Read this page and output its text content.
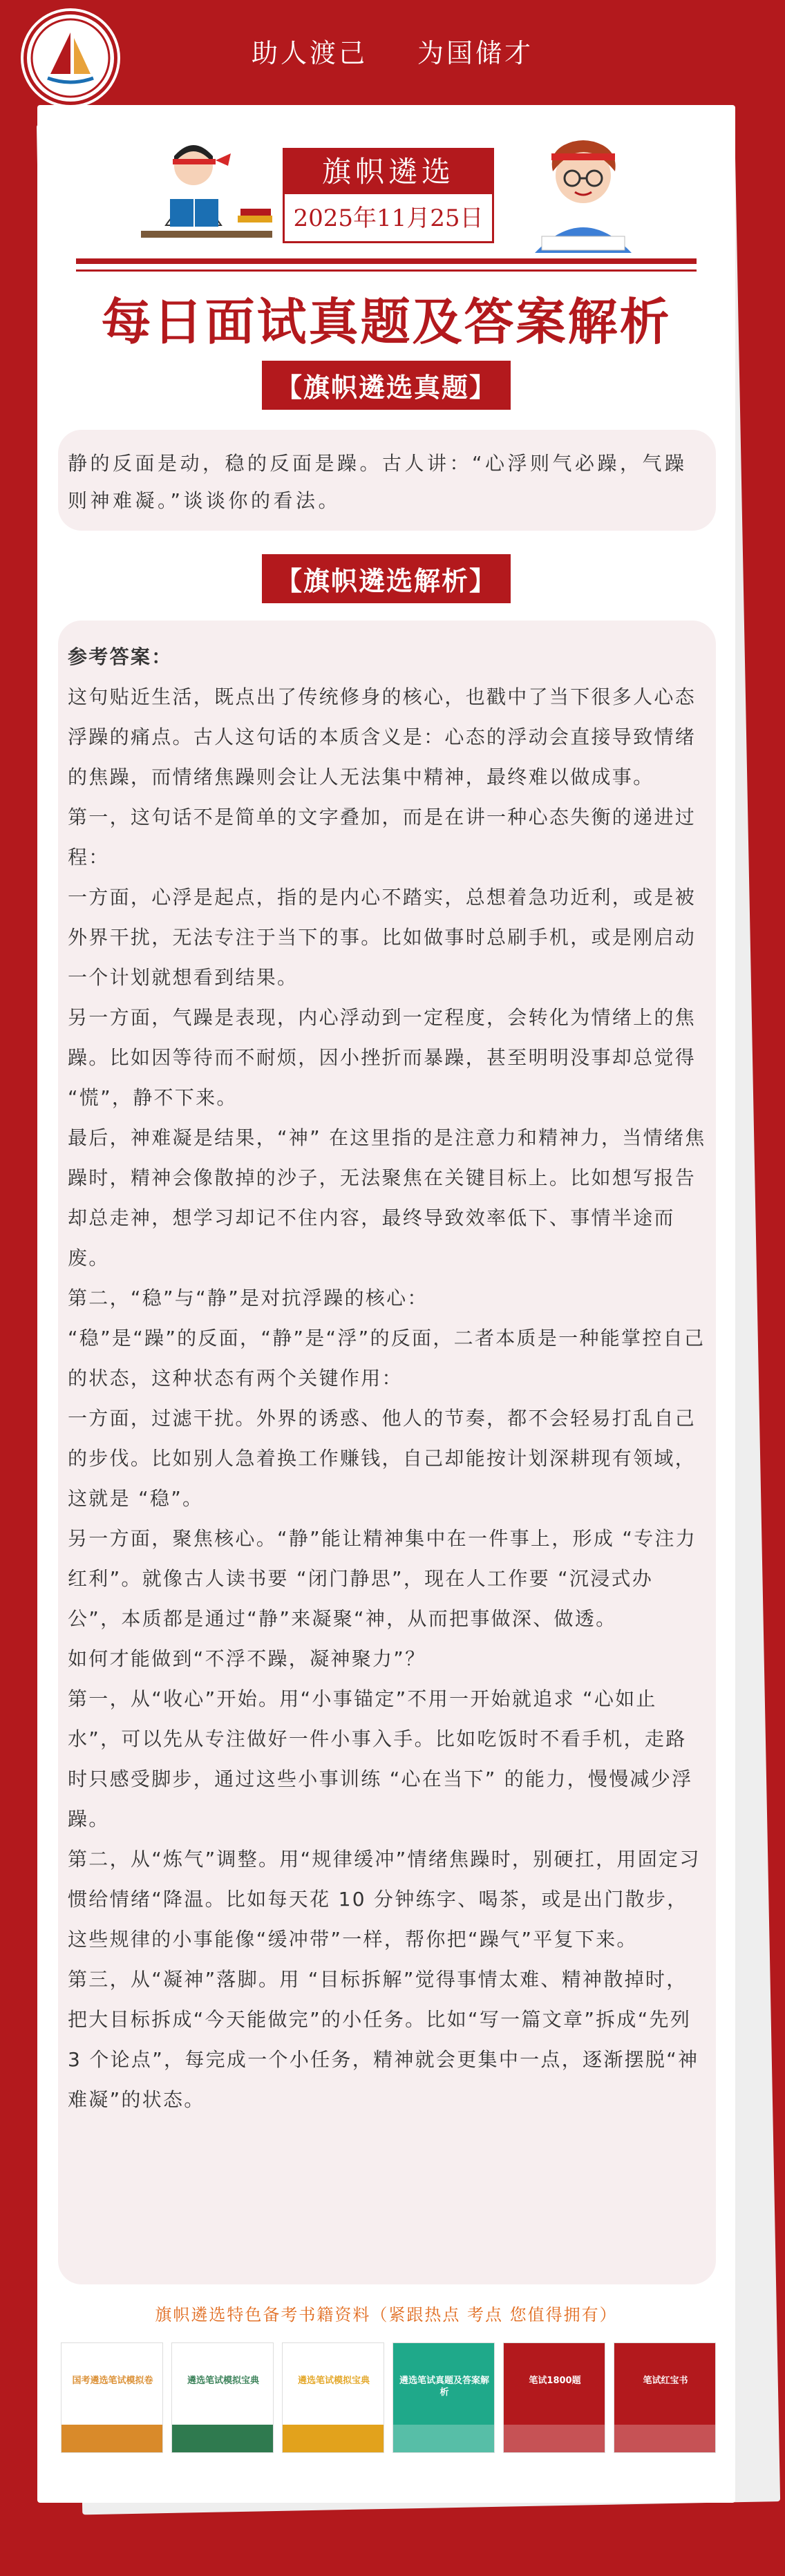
助人渡己 为国储才
旗帜遴选
2025年11月25日
每日面试真题及答案解析
【旗帜遴选真题】
静的反面是动，稳的反面是躁。古人讲：“心浮则气必躁，气躁则神难凝。”谈谈你的看法。
【旗帜遴选解析】

参考答案：

这句贴近生活，既点出了传统修身的核心，也戳中了当下很多人心态浮躁的痛点。古人这句话的本质含义是：心态的浮动会直接导致情绪的焦躁，而情绪焦躁则会让人无法集中精神，最终难以做成事。

第一，这句话不是简单的文字叠加，而是在讲一种心态失衡的递进过程：

一方面，心浮是起点，指的是内心不踏实，总想着急功近利，或是被外界干扰，无法专注于当下的事。比如做事时总刷手机，或是刚启动一个计划就想看到结果。

另一方面，气躁是表现，内心浮动到一定程度，会转化为情绪上的焦躁。比如因等待而不耐烦，因小挫折而暴躁，甚至明明没事却总觉得 “慌”，静不下来。

最后，神难凝是结果，“神” 在这里指的是注意力和精神力，当情绪焦躁时，精神会像散掉的沙子，无法聚焦在关键目标上。比如想写报告却总走神，想学习却记不住内容，最终导致效率低下、事情半途而废。

第二，“稳”与“静”是对抗浮躁的核心：

“稳”是“躁”的反面，“静”是“浮”的反面，二者本质是一种能掌控自己的状态，这种状态有两个关键作用：

一方面，过滤干扰。外界的诱惑、他人的节奏，都不会轻易打乱自己的步伐。比如别人急着换工作赚钱，自己却能按计划深耕现有领域，这就是 “稳”。

另一方面，聚焦核心。“静”能让精神集中在一件事上，形成 “专注力红利”。就像古人读书要 “闭门静思”，现在人工作要 “沉浸式办公”，本质都是通过“静”来凝聚“神，从而把事做深、做透。

如何才能做到“不浮不躁，凝神聚力”？

第一，从“收心”开始。用“小事锚定”不用一开始就追求 “心如止水”，可以先从专注做好一件小事入手。比如吃饭时不看手机，走路时只感受脚步，通过这些小事训练 “心在当下” 的能力，慢慢减少浮躁。

第二，从“炼气”调整。用“规律缓冲”情绪焦躁时，别硬扛，用固定习惯给情绪“降温。比如每天花 10 分钟练字、喝茶，或是出门散步，这些规律的小事能像“缓冲带”一样，帮你把“躁气”平复下来。

第三，从“凝神”落脚。用 “目标拆解”觉得事情太难、精神散掉时，把大目标拆成“今天能做完”的小任务。比如“写一篇文章”拆成“先列 3 个论点”，每完成一个小任务，精神就会更集中一点，逐渐摆脱“神难凝”的状态。

旗帜遴选特色备考书籍资料（紧跟热点 考点 您值得拥有）
国考遴选笔试模拟卷	遴选笔试模拟宝典	遴选笔试模拟宝典	遴选笔试真题及答案解析
笔试1800题	笔试红宝书
